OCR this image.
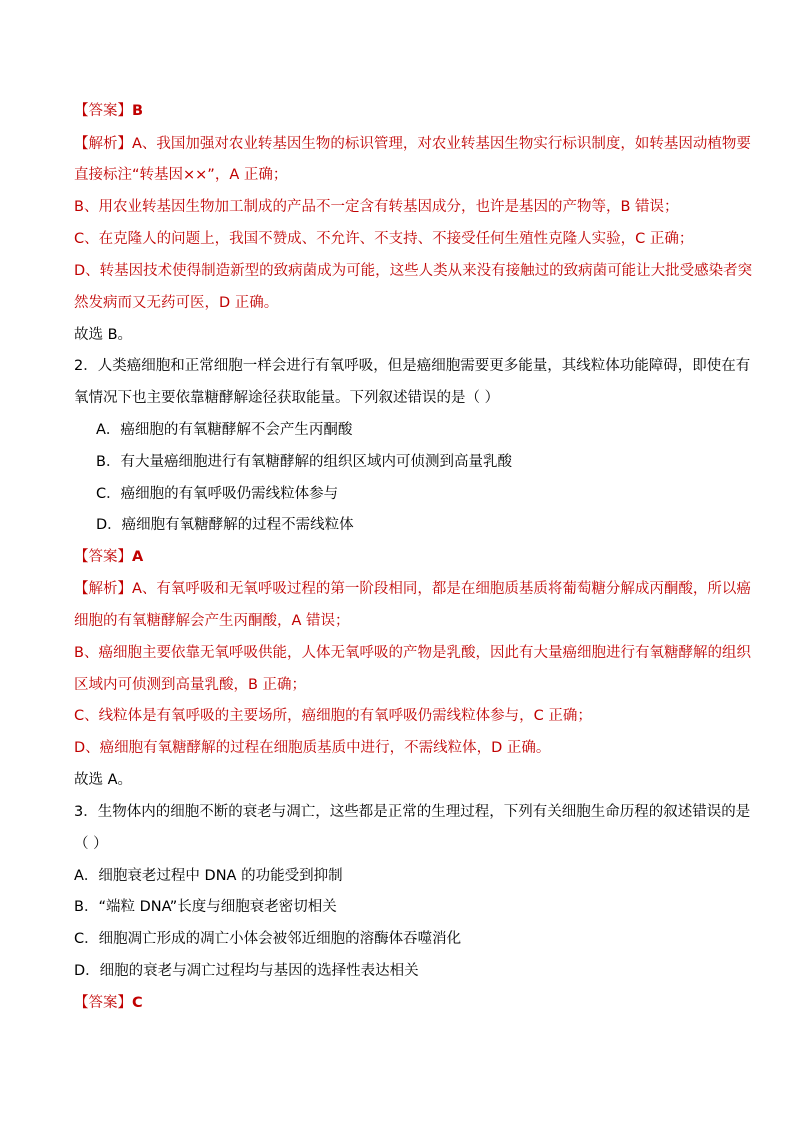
【答案】B
【解析】A、我国加强对农业转基因生物的标识管理，对农业转基因生物实行标识制度，如转基因动植物要
直接标注“转基因××”，A 正确；
B、用农业转基因生物加工制成的产品不一定含有转基因成分，也许是基因的产物等，B 错误；
C、在克隆人的问题上，我国不赞成、不允许、不支持、不接受任何生殖性克隆人实验，C 正确；
D、转基因技术使得制造新型的致病菌成为可能，这些人类从来没有接触过的致病菌可能让大批受感染者突
然发病而又无药可医，D 正确。
故选 B。
2．人类癌细胞和正常细胞一样会进行有氧呼吸，但是癌细胞需要更多能量，其线粒体功能障碍，即使在有
氧情况下也主要依靠糖酵解途径获取能量。下列叙述错误的是（ ）
A．癌细胞的有氧糖酵解不会产生丙酮酸
B．有大量癌细胞进行有氧糖酵解的组织区域内可侦测到高量乳酸
C．癌细胞的有氧呼吸仍需线粒体参与
D．癌细胞有氧糖酵解的过程不需线粒体
【答案】A
【解析】A、有氧呼吸和无氧呼吸过程的第一阶段相同，都是在细胞质基质将葡萄糖分解成丙酮酸，所以癌
细胞的有氧糖酵解会产生丙酮酸，A 错误；
B、癌细胞主要依靠无氧呼吸供能，人体无氧呼吸的产物是乳酸，因此有大量癌细胞进行有氧糖酵解的组织
区域内可侦测到高量乳酸，B 正确；
C、线粒体是有氧呼吸的主要场所，癌细胞的有氧呼吸仍需线粒体参与，C 正确；
D、癌细胞有氧糖酵解的过程在细胞质基质中进行，不需线粒体，D 正确。
故选 A。
3．生物体内的细胞不断的衰老与凋亡，这些都是正常的生理过程，下列有关细胞生命历程的叙述错误的是
（ ）
A．细胞衰老过程中 DNA 的功能受到抑制
B．“端粒 DNA”长度与细胞衰老密切相关
C．细胞凋亡形成的凋亡小体会被邻近细胞的溶酶体吞噬消化
D．细胞的衰老与凋亡过程均与基因的选择性表达相关
【答案】C
